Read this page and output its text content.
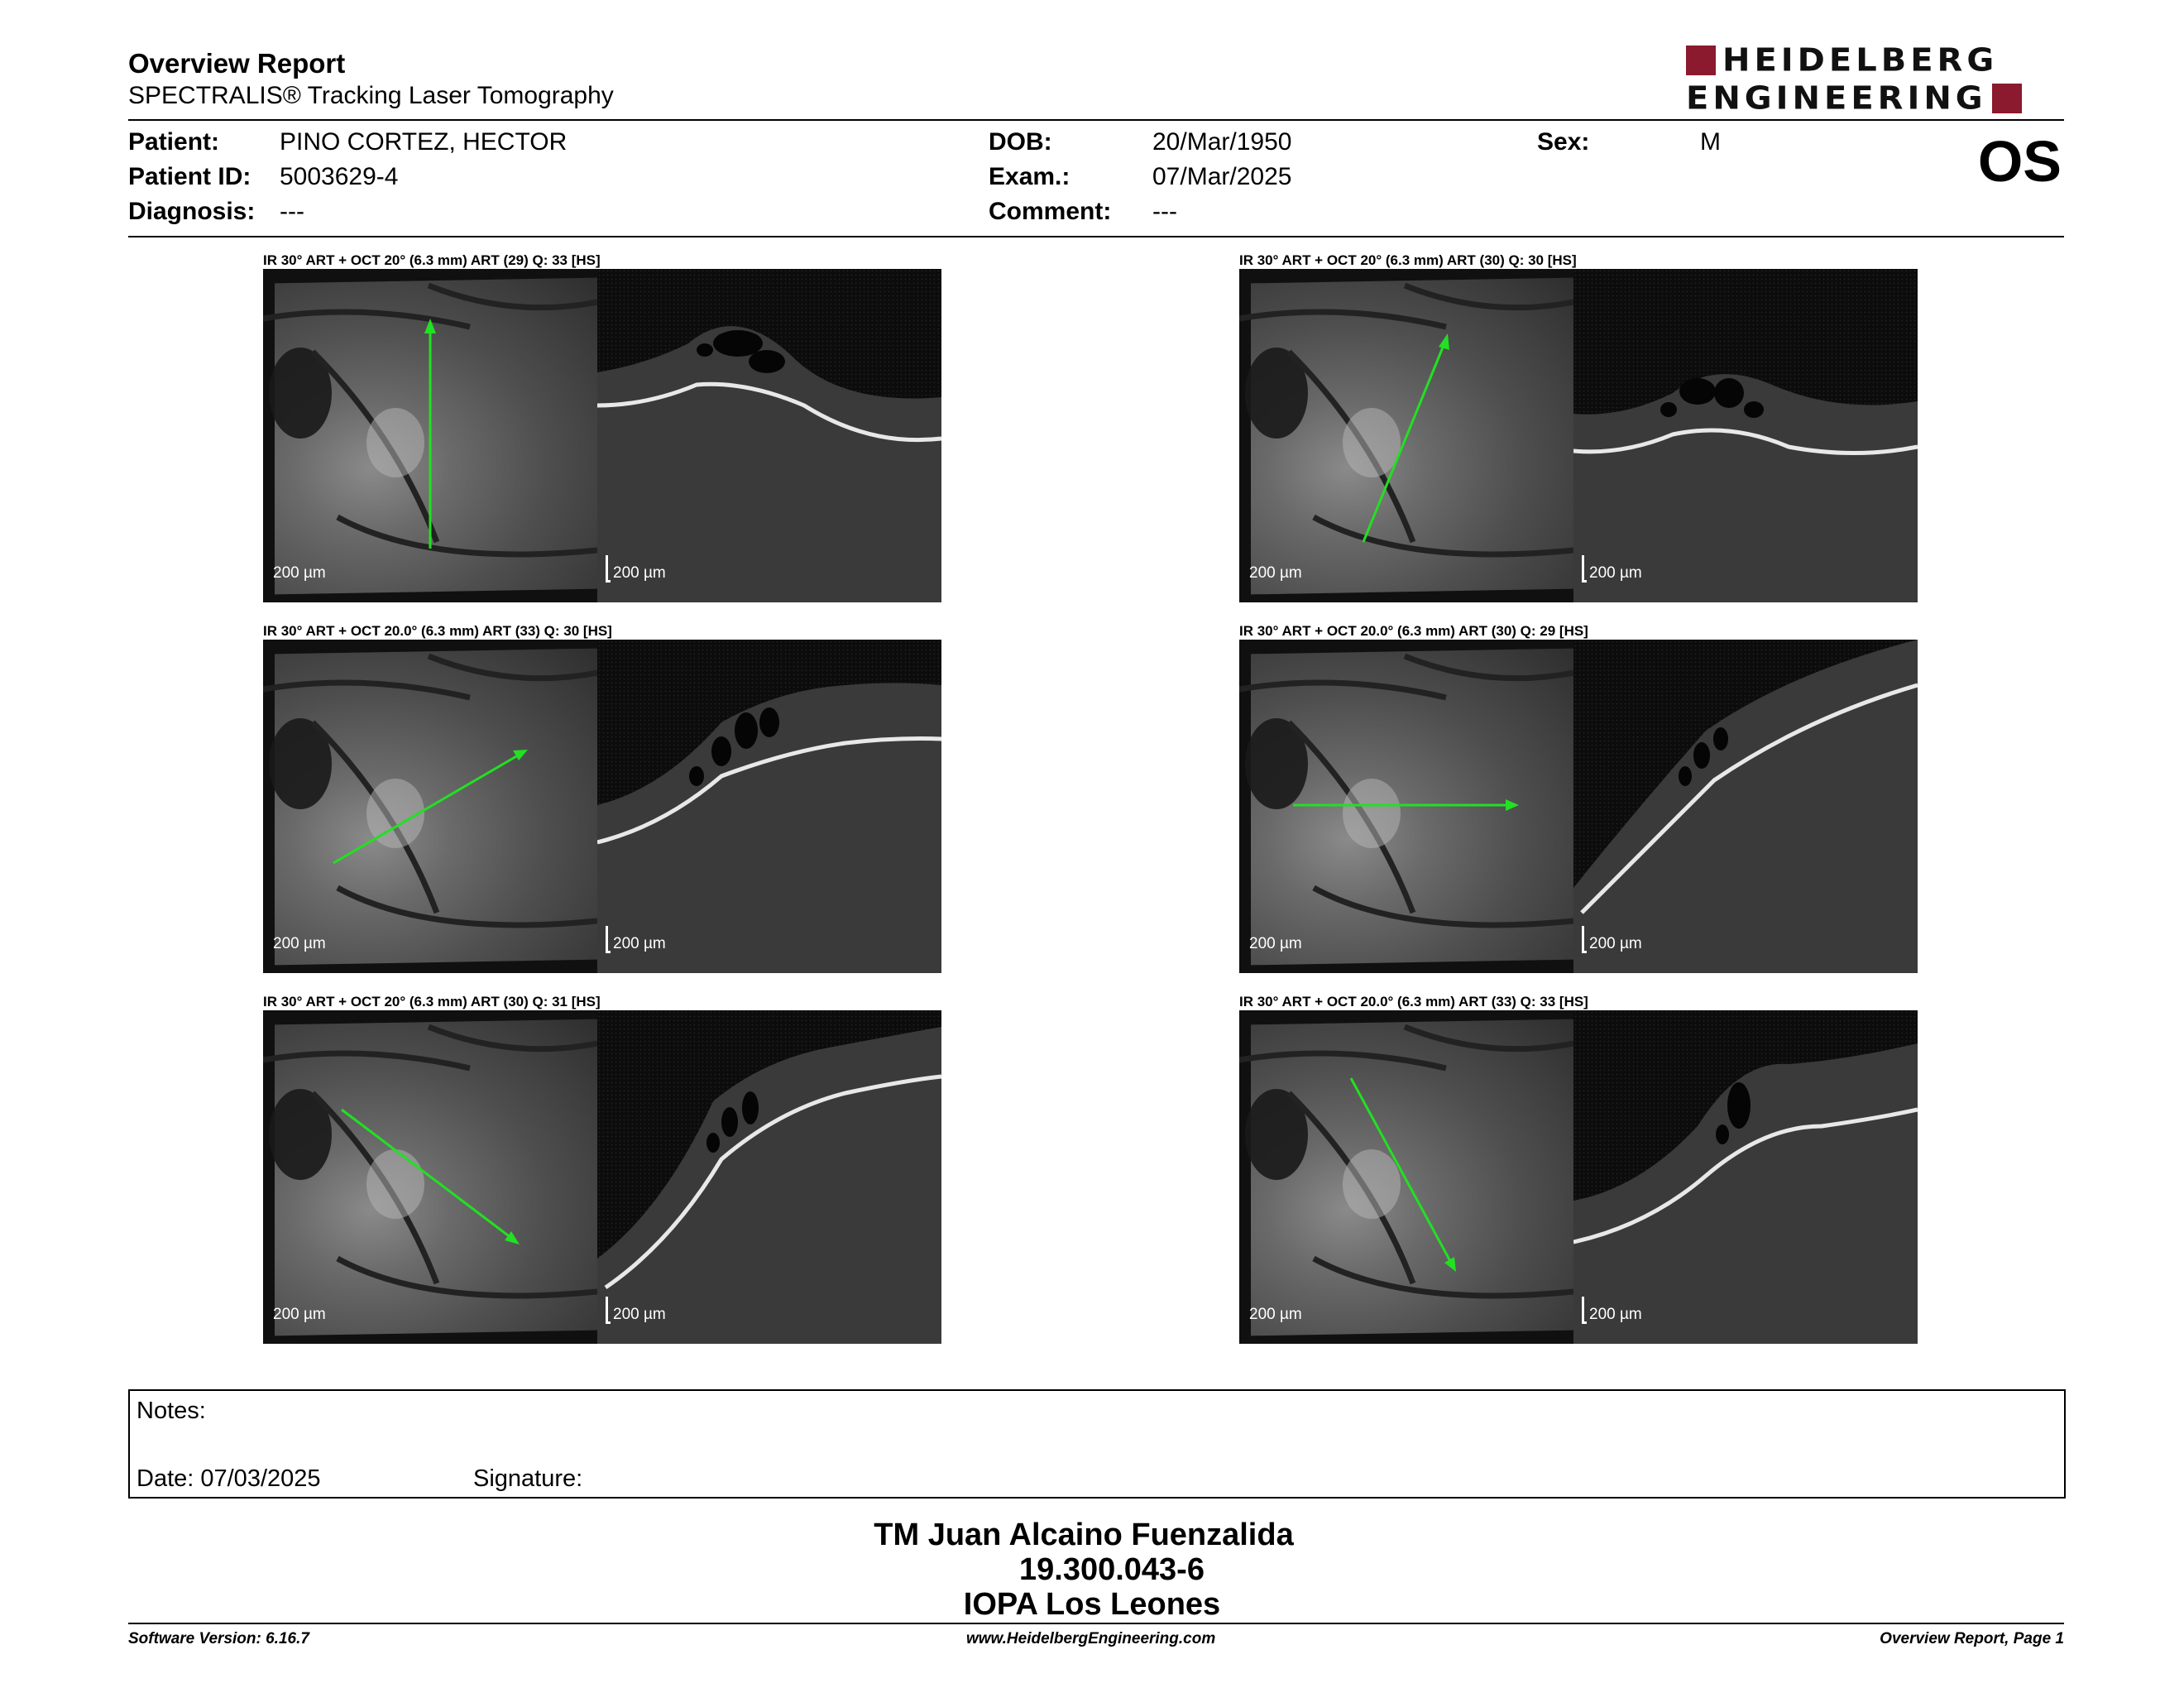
Overview Report
SPECTRALIS® Tracking Laser Tomography
HEIDELBERG
ENGINEERING
Patient: PINO CORTEZ, HECTOR
Patient ID: 5003629-4
Diagnosis: ---
DOB:	20/Mar/1950
Exam.:	07/Mar/2025
Comment: ---
Sex:	M	OS
IR 30° ART + OCT 20° (6.3 mm) ART (29) Q: 33 [HS]
200 µm	200 µm
IR 30° ART + OCT 20° (6.3 mm) ART (30) Q: 30 [HS]
200 µm	200 µm
IR 30° ART + OCT 20.0° (6.3 mm) ART (33) Q: 30 [HS]
200 µm	200 µm
IR 30° ART + OCT 20.0° (6.3 mm) ART (30) Q: 29 [HS]
200 µm	200 µm
IR 30° ART + OCT 20° (6.3 mm) ART (30) Q: 31 [HS]
200 µm	200 µm
IR 30° ART + OCT 20.0° (6.3 mm) ART (33) Q: 33 [HS]
200 µm	200 µm
Notes:
Date: 07/03/2025	Signature:
TM Juan Alcaino Fuenzalida
19.300.043-6
IOPA Los Leones
Software Version: 6.16.7	www.HeidelbergEngineering.com	Overview Report, Page 1
